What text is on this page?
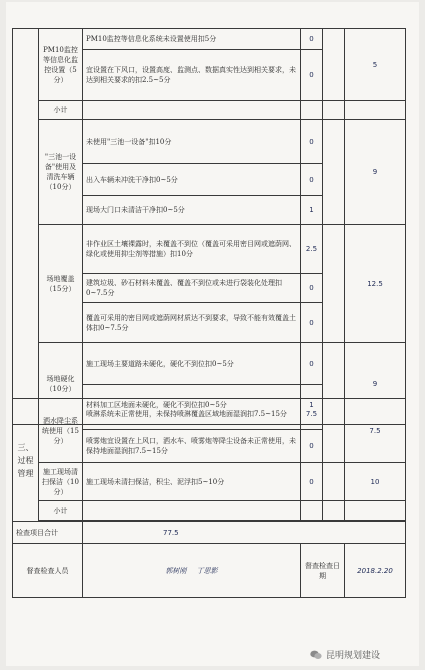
	PM10监控等信息化监控设置（5分）	PM10监控等信息化系统未设置使用扣5分	0		5
		宜设置在下风口，设置高度、监测点、数据真实性达到相关要求，未达到相关要求的扣2.5~5分	0		
	小计				
	"三池一设备"使用及清洗车辆（10分）	未使用"三池一设备"扣10分	0		9
		出入车辆未冲洗干净扣0~5分	0		
		现场大门口未清洁干净扣0~5分	1		
	场地覆盖（15分）	非作业区土壤裸露时，未覆盖不到位（覆盖可采用密目网或遮荫网、绿化或使用抑尘剂等措施）扣10分	2.5		12.5
		建筑垃圾、砂石材料未覆盖、覆盖不到位或未进行袋装化处理扣0~7.5分	0		
		覆盖可采用的密目网或遮荫网材质达不到要求，导致不能有效覆盖土体扣0~7.5分	0		
	场地硬化（10分）	施工现场主要道路未硬化，硬化不到位扣0~5分	0		9
		材料加工区地面未硬化，硬化不到位扣0~5分	1		
三、过程管理	洒水降尘系统使用（15分）	喷淋系统未正常使用，未保持喷淋覆盖区域地面湿润扣7.5~15分	7.5		7.5
		喷雾炮宜设置在上风口，洒水车、喷雾炮等降尘设备未正常使用，未保持地面湿润扣7.5~15分	0		
	施工现场清扫保洁（10分）	施工现场未清扫保洁，积尘、泥浮扣5~10分	0		10
	小计				

检查项目合计		77.5			
督查检查人员		郭树刚 丁思影	督查检查日期		2018.2.20
昆明规划建设
